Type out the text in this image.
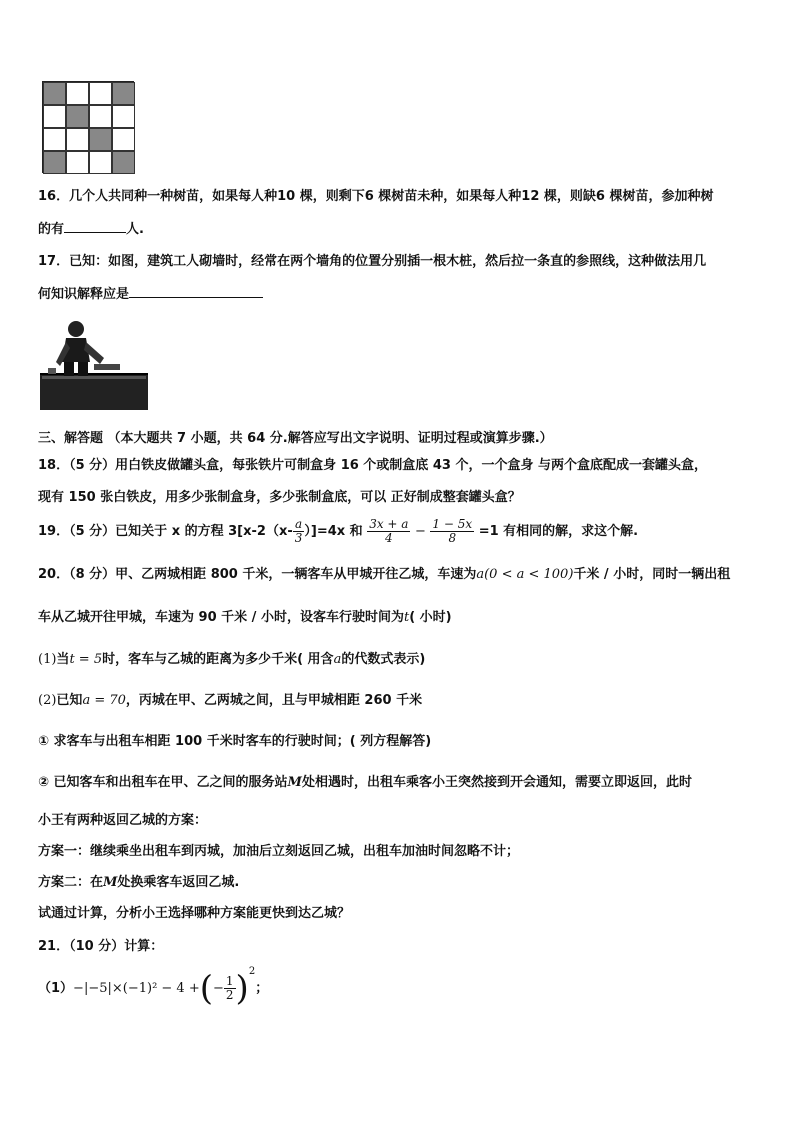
16．几个人共同种一种树苗，如果每人种10 棵，则剩下6 棵树苗未种，如果每人种12 棵，则缺6 棵树苗，参加种树
的有	人.
17．已知：如图，建筑工人砌墙时，经常在两个墙角的位置分别插一根木桩，然后拉一条直的参照线，这种做法用几
何知识解释应是
三、解答题 （本大题共 7 小题，共 64 分.解答应写出文字说明、证明过程或演算步骤.）
18．（5 分）用白铁皮做罐头盒，每张铁片可制盒身 16 个或制盒底 43 个，一个盒身 与两个盒底配成一套罐头盒，
现有 150 张白铁皮，用多少张制盒身，多少张制盒底，可以 正好制成整套罐头盒？
19．（5 分）已知关于 x 的方程 $3[x-2(x- \frac{a}{3} )]=4x$ 和 $\frac{3x + a}{4} - \frac{1 - 5x}{8} =1$ 有相同的解，求这个解.
20．（8 分）甲、乙两城相距 800 千米，一辆客车从甲城开往乙城，车速为a(0 < a < 100)千米 / 小时，同时一辆出租
车从乙城开往甲城，车速为 90 千米 / 小时，设客车行驶时间为t( 小时)
(1)当t = 5时，客车与乙城的距离为多少千米( 用含a的代数式表示)
(2)已知a = 70，丙城在甲、乙两城之间，且与甲城相距 260 千米
① 求客车与出租车相距 100 千米时客车的行驶时间；( 列方程解答)
② 已知客车和出租车在甲、乙之间的服务站M处相遇时，出租车乘客小王突然接到开会通知，需要立即返回，此时
小王有两种返回乙城的方案：
方案一：继续乘坐出租车到丙城，加油后立刻返回乙城，出租车加油时间忽略不计；
方案二：在M处换乘客车返回乙城.
试通过计算，分析小王选择哪种方案能更快到达乙城？
21．（10 分）计算：
（1）−|−5|×(−1)² − 4 +(− $\frac{1}{2} )^2$；
